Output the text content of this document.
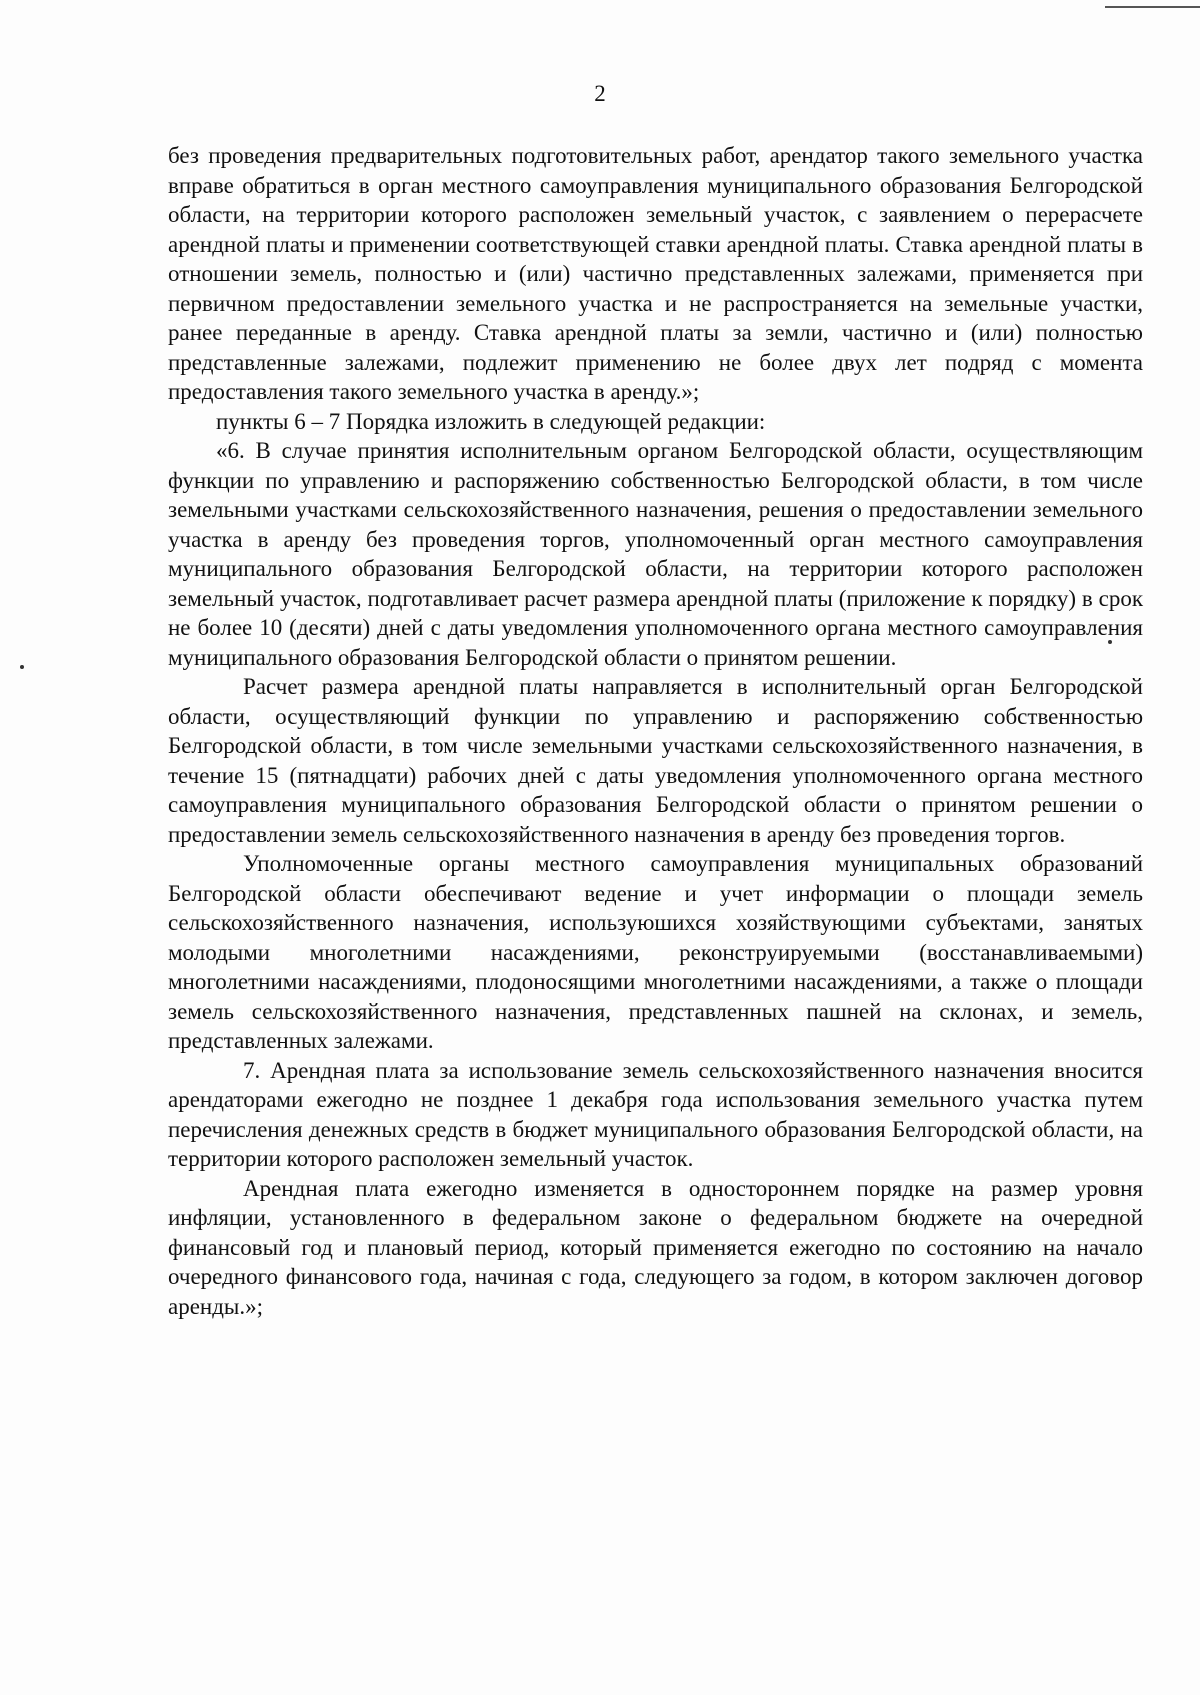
2

без проведения предварительных подготовительных работ, арендатор такого земельного участка вправе обратиться в орган местного самоуправления муниципального образования Белгородской области, на территории которого расположен земельный участок, с заявлением о перерасчете арендной платы и применении соответствующей ставки арендной платы. Ставка арендной платы в отношении земель, полностью и (или) частично представленных залежами, применяется при первичном предоставлении земельного участка и не распространяется на земельные участки, ранее переданные в аренду. Ставка арендной платы за земли, частично и (или) полностью представленные залежами, подлежит применению не более двух лет подряд с момента предоставления такого земельного участка в аренду.»;

пункты 6 – 7 Порядка изложить в следующей редакции:

«6. В случае принятия исполнительным органом Белгородской области, осуществляющим функции по управлению и распоряжению собственностью Белгородской области, в том числе земельными участками сельскохозяйственного назначения, решения о предоставлении земельного участка в аренду без проведения торгов, уполномоченный орган местного самоуправления муниципального образования Белгородской области, на территории которого расположен земельный участок, подготавливает расчет размера арендной платы (приложение к порядку) в срок не более 10 (десяти) дней с даты уведомления уполномоченного органа местного самоуправления муниципального образования Белгородской области о принятом решении.

Расчет размера арендной платы направляется в исполнительный орган Белгородской области, осуществляющий функции по управлению и распоряжению собственностью Белгородской области, в том числе земельными участками сельскохозяйственного назначения, в течение 15 (пятнадцати) рабочих дней с даты уведомления уполномоченного органа местного самоуправления муниципального образования Белгородской области о принятом решении о предоставлении земель сельскохозяйственного назначения в аренду без проведения торгов.

Уполномоченные органы местного самоуправления муниципальных образований Белгородской области обеспечивают ведение и учет информации о площади земель сельскохозяйственного назначения, используюшихся хозяйствующими субъектами, занятых молодыми многолетними насаждениями, реконструируемыми (восстанавливаемыми) многолетними насаждениями, плодоносящими многолетними насаждениями, а также о площади земель сельскохозяйственного назначения, представленных пашней на склонах, и земель, представленных залежами.

7. Арендная плата за использование земель сельскохозяйственного назначения вносится арендаторами ежегодно не позднее 1 декабря года использования земельного участка путем перечисления денежных средств в бюджет муниципального образования Белгородской области, на территории которого расположен земельный участок.

Арендная плата ежегодно изменяется в одностороннем порядке на размер уровня инфляции, установленного в федеральном законе о федеральном бюджете на очередной финансовый год и плановый период, который применяется ежегодно по состоянию на начало очередного финансового года, начиная с года, следующего за годом, в котором заключен договор аренды.»;
